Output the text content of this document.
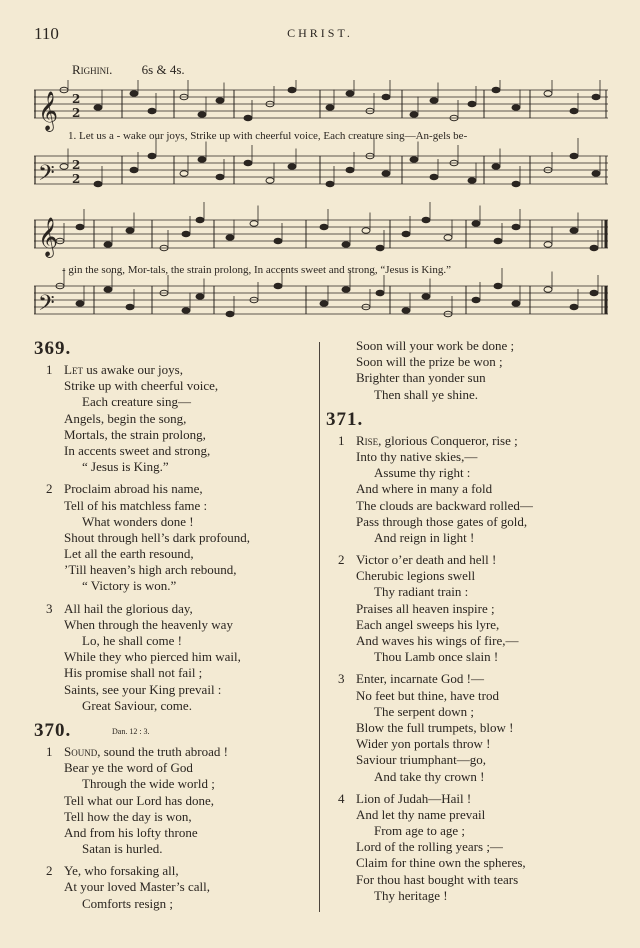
110	CHRIST.
Righini. 6s & 4s.
𝄞
𝄢
𝄞
𝄢
2
2
2
2
1. Let us a - wake our joys, Strike up with cheerful voice, Each creature sing—An-gels be-
- gin the song, Mor-tals, the strain prolong, In accents sweet and strong, “Jesus is King.”
369.
1 Let us awake our joys,
Strike up with cheerful voice,
Each creature sing—
Angels, begin the song,
Mortals, the strain prolong,
In accents sweet and strong,
“ Jesus is King.”
2 Proclaim abroad his name,
Tell of his matchless fame :
What wonders done !
Shout through hell’s dark profound,
Let all the earth resound,
’Till heaven’s high arch rebound,
“ Victory is won.”
3 All hail the glorious day,
When through the heavenly way
Lo, he shall come !
While they who pierced him wail,
His promise shall not fail ;
Saints, see your King prevail :
Great Saviour, come.
370.	Dan. 12 : 3.
1 Sound, sound the truth abroad !
Bear ye the word of God
Through the wide world ;
Tell what our Lord has done,
Tell how the day is won,
And from his lofty throne
Satan is hurled.
2 Ye, who forsaking all,
At your loved Master’s call,
Comforts resign ;
Soon will your work be done ;
Soon will the prize be won ;
Brighter than yonder sun
Then shall ye shine.
371.
1 Rise, glorious Conqueror, rise ;
Into thy native skies,—
Assume thy right :
And where in many a fold
The clouds are backward rolled—
Pass through those gates of gold,
And reign in light !
2 Victor o’er death and hell !
Cherubic legions swell
Thy radiant train :
Praises all heaven inspire ;
Each angel sweeps his lyre,
And waves his wings of fire,—
Thou Lamb once slain !
3 Enter, incarnate God !—
No feet but thine, have trod
The serpent down ;
Blow the full trumpets, blow !
Wider yon portals throw !
Saviour triumphant—go,
And take thy crown !
4 Lion of Judah—Hail !
And let thy name prevail
From age to age ;
Lord of the rolling years ;—
Claim for thine own the spheres,
For thou hast bought with tears
Thy heritage !
